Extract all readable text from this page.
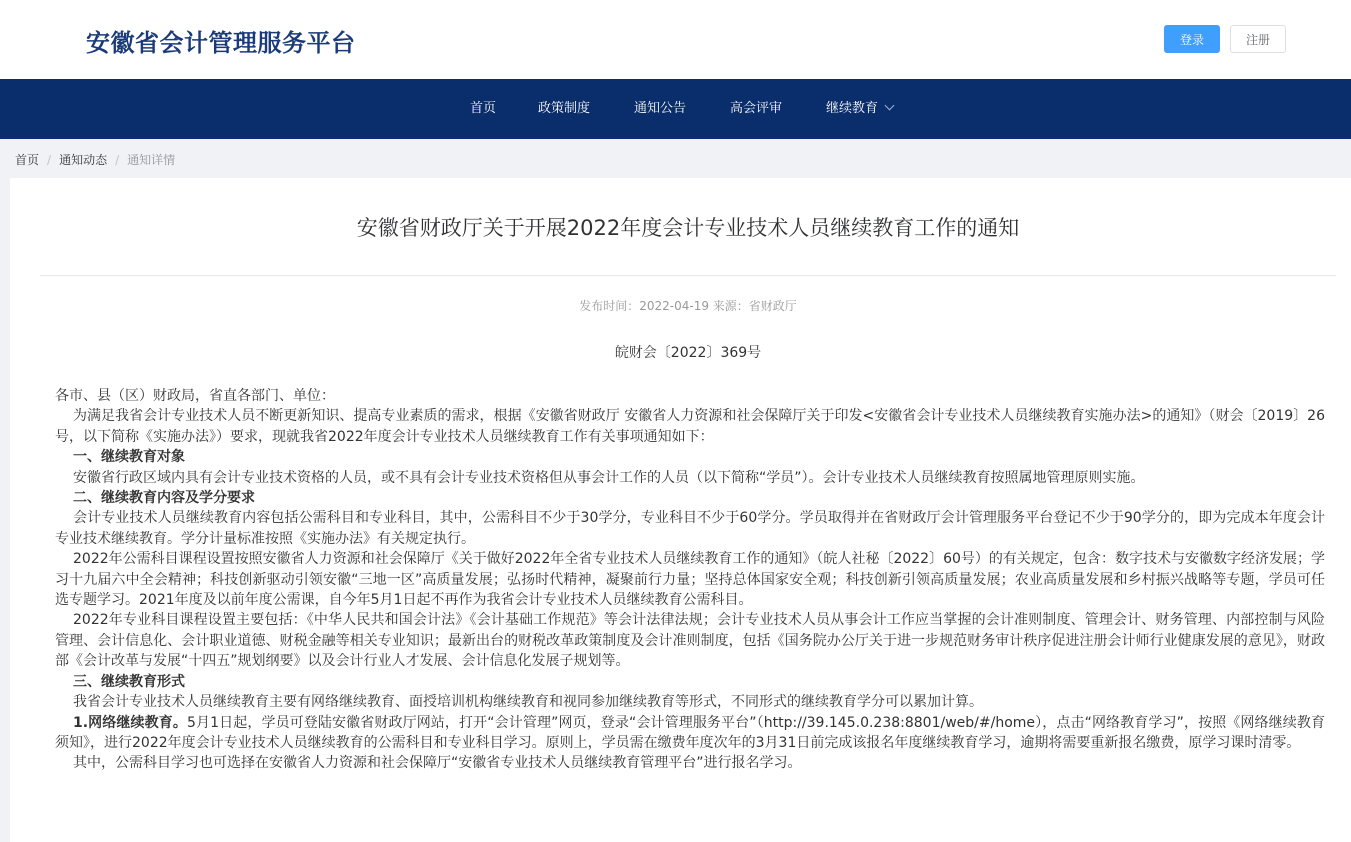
安徽省会计管理服务平台	登录	注册
首页	政策制度	通知公告	高会评审	继续教育
首页 / 通知动态 / 通知详情
安徽省财政厅关于开展2022年度会计专业技术人员继续教育工作的通知
发布时间：2022-04-19 来源：省财政厅
皖财会〔2022〕369号

各市、县（区）财政局，省直各部门、单位：

为满足我省会计专业技术人员不断更新知识、提高专业素质的需求，根据《安徽省财政厅 安徽省人力资源和社会保障厅关于印发<安徽省会计专业技术人员继续教育实施办法>的通知》（财会〔2019〕26号，以下简称《实施办法》）要求，现就我省2022年度会计专业技术人员继续教育工作有关事项通知如下：

一、继续教育对象

安徽省行政区域内具有会计专业技术资格的人员，或不具有会计专业技术资格但从事会计工作的人员（以下简称“学员”）。会计专业技术人员继续教育按照属地管理原则实施。

二、继续教育内容及学分要求

会计专业技术人员继续教育内容包括公需科目和专业科目，其中，公需科目不少于30学分，专业科目不少于60学分。学员取得并在省财政厅会计管理服务平台登记不少于90学分的，即为完成本年度会计专业技术继续教育。学分计量标准按照《实施办法》有关规定执行。

2022年公需科目课程设置按照安徽省人力资源和社会保障厅《关于做好2022年全省专业技术人员继续教育工作的通知》（皖人社秘〔2022〕60号）的有关规定，包含：数字技术与安徽数字经济发展；学习十九届六中全会精神；科技创新驱动引领安徽“三地一区”高质量发展；弘扬时代精神，凝聚前行力量；坚持总体国家安全观；科技创新引领高质量发展；农业高质量发展和乡村振兴战略等专题，学员可任选专题学习。2021年度及以前年度公需课，自今年5月1日起不再作为我省会计专业技术人员继续教育公需科目。

2022年专业科目课程设置主要包括：《中华人民共和国会计法》《会计基础工作规范》等会计法律法规；会计专业技术人员从事会计工作应当掌握的会计准则制度、管理会计、财务管理、内部控制与风险管理、会计信息化、会计职业道德、财税金融等相关专业知识；最新出台的财税改革政策制度及会计准则制度，包括《国务院办公厅关于进一步规范财务审计秩序促进注册会计师行业健康发展的意见》，财政部《会计改革与发展“十四五”规划纲要》以及会计行业人才发展、会计信息化发展子规划等。

三、继续教育形式

我省会计专业技术人员继续教育主要有网络继续教育、面授培训机构继续教育和视同参加继续教育等形式，不同形式的继续教育学分可以累加计算。

1.网络继续教育。5月1日起，学员可登陆安徽省财政厅网站，打开“会计管理”网页，登录“会计管理服务平台”（http://39.145.0.238:8801/web/#/home），点击“网络教育学习”，按照《网络继续教育须知》，进行2022年度会计专业技术人员继续教育的公需科目和专业科目学习。原则上，学员需在缴费年度次年的3月31日前完成该报名年度继续教育学习，逾期将需要重新报名缴费，原学习课时清零。

其中，公需科目学习也可选择在安徽省人力资源和社会保障厅“安徽省专业技术人员继续教育管理平台”进行报名学习。
